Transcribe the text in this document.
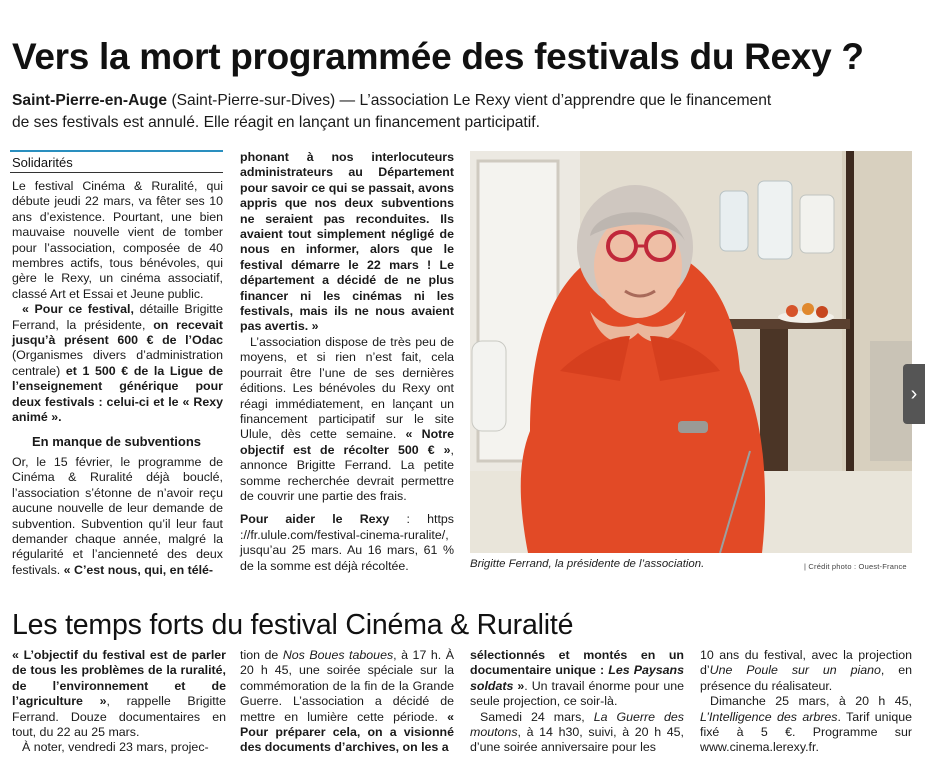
Vers la mort programmée des festivals du Rexy ?
Saint-Pierre-en-Auge (Saint-Pierre-sur-Dives) — L’association Le Rexy vient d’apprendre que le financement de ses festivals est annulé. Elle réagit en lançant un financement participatif.
Solidarités

Le festival Cinéma & Ruralité, qui débute jeudi 22 mars, va fêter ses 10 ans d’existence. Pourtant, une bien mauvaise nouvelle vient de tomber pour l’association, composée de 40 membres actifs, tous bénévoles, qui gère le Rexy, un cinéma associatif, classé Art et Essai et Jeune public.

« Pour ce festival, détaille Brigitte Ferrand, la présidente, on recevait jusqu’à présent 600 € de l’Odac (Organismes divers d’administration centrale) et 1 500 € de la Ligue de l’enseignement générique pour deux festivals : celui-ci et le « Rexy animé ».

En manque de subventions

Or, le 15 février, le programme de Cinéma & Ruralité déjà bouclé, l’association s’étonne de n’avoir reçu aucune nouvelle de leur demande de subvention. Subvention qu’il leur faut demander chaque année, malgré la régularité et l’ancienneté des deux festivals. « C’est nous, qui, en télé-

phonant à nos interlocuteurs administrateurs au Département pour savoir ce qui se passait, avons appris que nos deux subventions ne seraient pas reconduites. Ils avaient tout simplement négligé de nous en informer, alors que le festival démarre le 22 mars ! Le département a décidé de ne plus financer ni les cinémas ni les festivals, mais ils ne nous avaient pas avertis. »

L’association dispose de très peu de moyens, et si rien n’est fait, cela pourrait être l’une de ses dernières éditions. Les bénévoles du Rexy ont réagi immédiatement, en lançant un financement participatif sur le site Ulule, dès cette semaine. « Notre objectif est de récolter 500 € », annonce Brigitte Ferrand. La petite somme recherchée devrait permettre de couvrir une partie des frais.

Pour aider le Rexy : https ://fr.ulule.com/festival-cinema-ruralite/, jusqu’au 25 mars. Au 16 mars, 61 % de la somme est déjà récoltée.	Brigitte Ferrand, la présidente de l’association.	| Crédit photo : Ouest-France
›
Les temps forts du festival Cinéma & Ruralité

« L’objectif du festival est de parler de tous les problèmes de la ruralité, de l’environnement et de l’agriculture », rappelle Brigitte Ferrand. Douze documentaires en tout, du 22 au 25 mars.

À noter, vendredi 23 mars, projec-

tion de Nos Boues taboues, à 17 h. À 20 h 45, une soirée spéciale sur la commémoration de la fin de la Grande Guerre. L’association a décidé de mettre en lumière cette période. « Pour préparer cela, on a visionné des documents d’archives, on les a

sélectionnés et montés en un documentaire unique : Les Paysans soldats ». Un travail énorme pour une seule projection, ce soir-là.

Samedi 24 mars, La Guerre des moutons, à 14 h30, suivi, à 20 h 45, d’une soirée anniversaire pour les

10 ans du festival, avec la projection d’Une Poule sur un piano, en présence du réalisateur.

Dimanche 25 mars, à 20 h 45, L’Intelligence des arbres. Tarif unique fixé à 5 €. Programme sur www.cinema.lerexy.fr.
